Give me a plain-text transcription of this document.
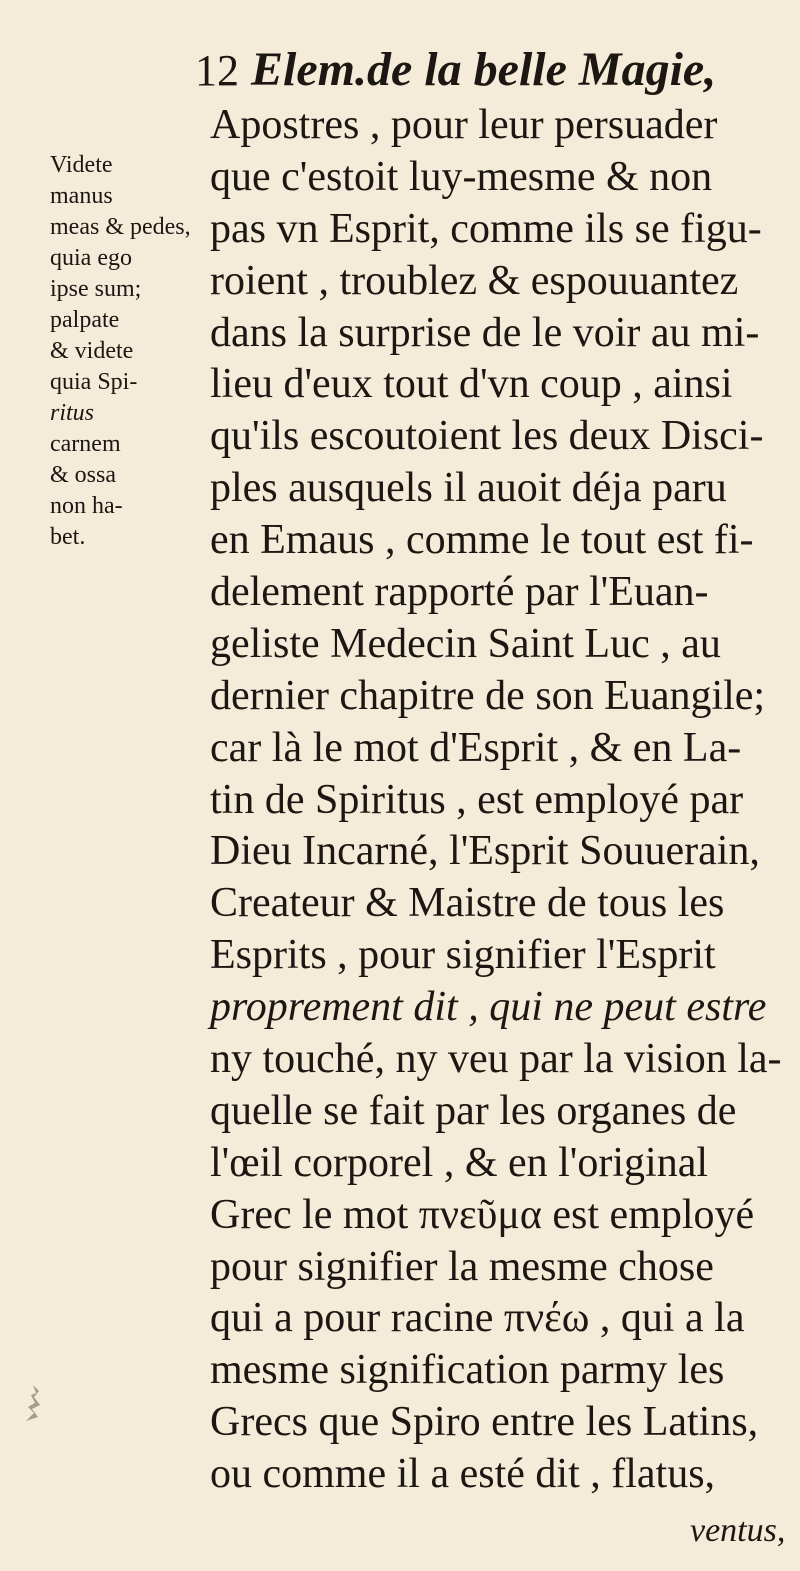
12 Elem.de la belle Magie,
Videte
manus
meas & pedes,
quia ego
ipse sum;
palpate
& videte
quia Spi-
ritus
carnem
& ossa
non ha-
bet.
Apostres , pour leur persuader
que c'estoit luy-mesme & non
pas vn Esprit, comme ils se figu-
roient , troublez & espouuantez
dans la surprise de le voir au mi-
lieu d'eux tout d'vn coup , ainsi
qu'ils escoutoient les deux Disci-
ples ausquels il auoit déja paru
en Emaus , comme le tout est fi-
delement rapporté par l'Euan-
geliste Medecin Saint Luc , au
dernier chapitre de son Euangile;
car là le mot d'Esprit , & en La-
tin de Spiritus , est employé par
Dieu Incarné, l'Esprit Souuerain,
Createur & Maistre de tous les
Esprits , pour signifier l'Esprit
proprement dit , qui ne peut estre
ny touché, ny veu par la vision la-
quelle se fait par les organes de
l'œil corporel , & en l'original
Grec le mot πνεῦμα est employé
pour signifier la mesme chose
qui a pour racine πνέω , qui a la
mesme signification parmy les
Grecs que Spiro entre les Latins,
ou comme il a esté dit , flatus,
ventus,
